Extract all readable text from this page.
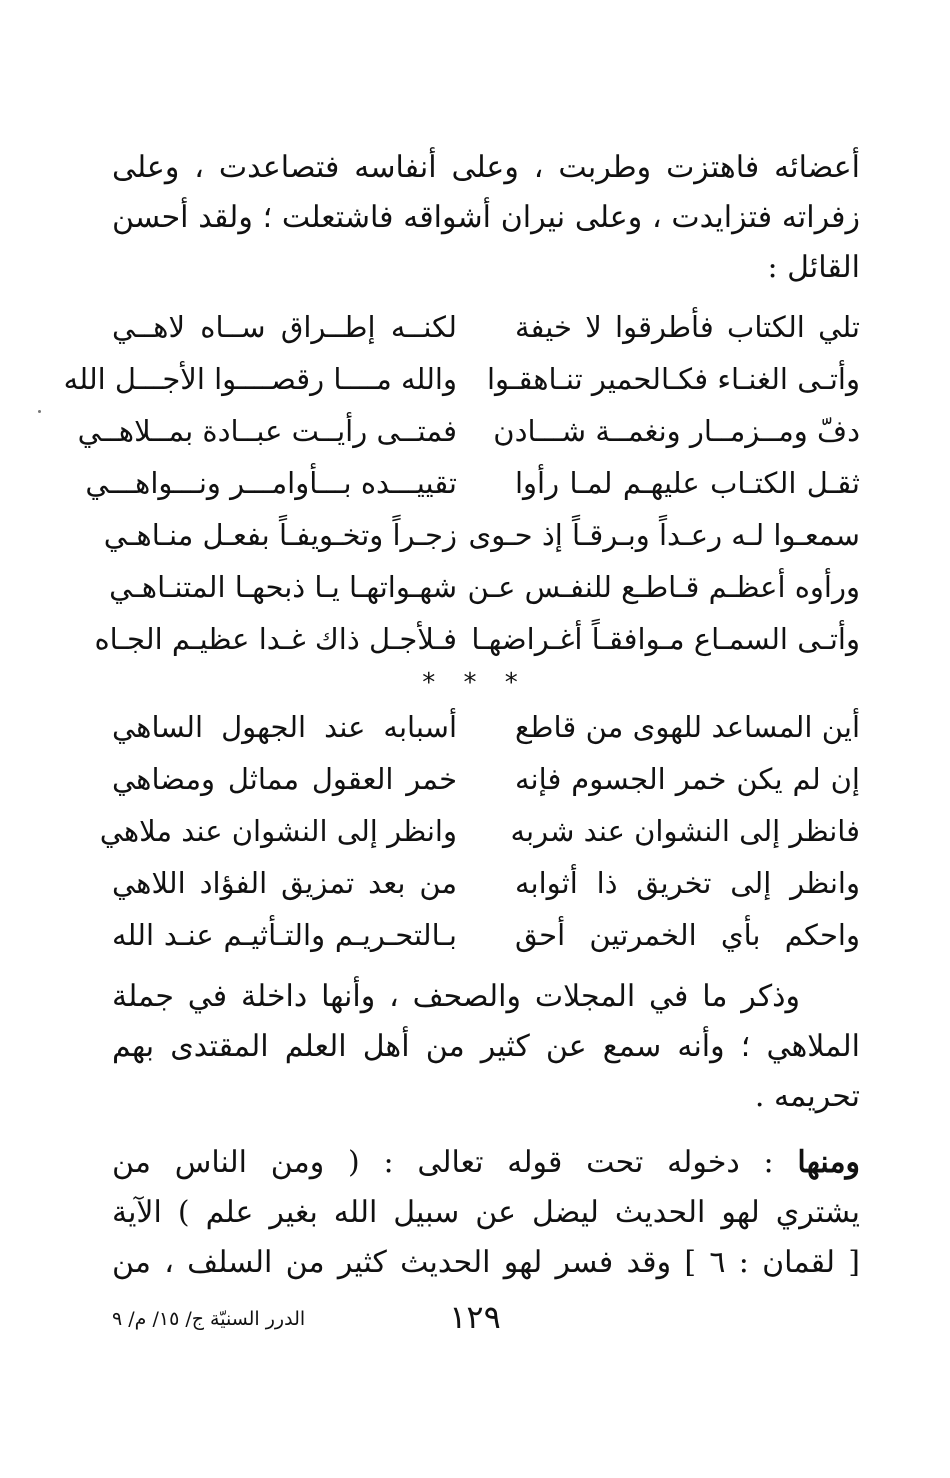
أعضائه فاهتزت وطربت ، وعلى أنفاسه فتصاعدت ، وعلى
زفراته فتزايدت ، وعلى نيران أشواقه فاشتعلت ؛ ولقد أحسن
القائل :
تلي الكتاب فأطرقوا لا خيفة
لكنــه إطــراق ســاه لاهــي
وأتـى الغنـاء فكـالحمير تنـاهقـوا
والله مــــا رقصــــوا الأجـــل الله
دفّ ومــزمــار ونغمــة شـــادن
فمتــى رأيــت عبــادة بمــلاهــي
ثقـل الكتـاب عليهـم لمـا رأوا
تقييـــده بـــأوامـــر ونـــواهـــي
سمعـوا لـه رعـداً وبـرقـاً إذ حـوى
زجـراً وتخـويفـاً بفعـل منـاهـي
ورأوه أعظـم قـاطـع للنفـس عـن
شهـواتهـا يـا ذبحهـا المتنـاهـي
وأتـى السمـاع مـوافقـاً أغـراضهـا
فـلأجـل ذاك غـدا عظيـم الجـاه
* * *
أين المساعد للهوى من قاطع
أسبابه عند الجهول الساهي
إن لم يكن خمر الجسوم فإنه
خمر العقول مماثل ومضاهي
فانظر إلى النشوان عند شربه
وانظر إلى النشوان عند ملاهي
وانظر إلى تخريق ذا أثوابه
من بعد تمزيق الفؤاد اللاهي
واحكم بأي الخمرتين أحق
بـالتحـريـم والتـأثيـم عنـد الله
وذكر ما في المجلات والصحف ، وأنها داخلة في جملة
الملاهي ؛ وأنه سمع عن كثير من أهل العلم المقتدى بهم
تحريمه .
ومنها : دخوله تحت قوله تعالى : ( ومن الناس من
يشتري لهو الحديث ليضل عن سبيل الله بغير علم ) الآية
[ لقمان : ٦ ] وقد فسر لهو الحديث كثير من السلف ، من
١٢٩
الدرر السنيّة ج/ ١٥/ م/ ٩
